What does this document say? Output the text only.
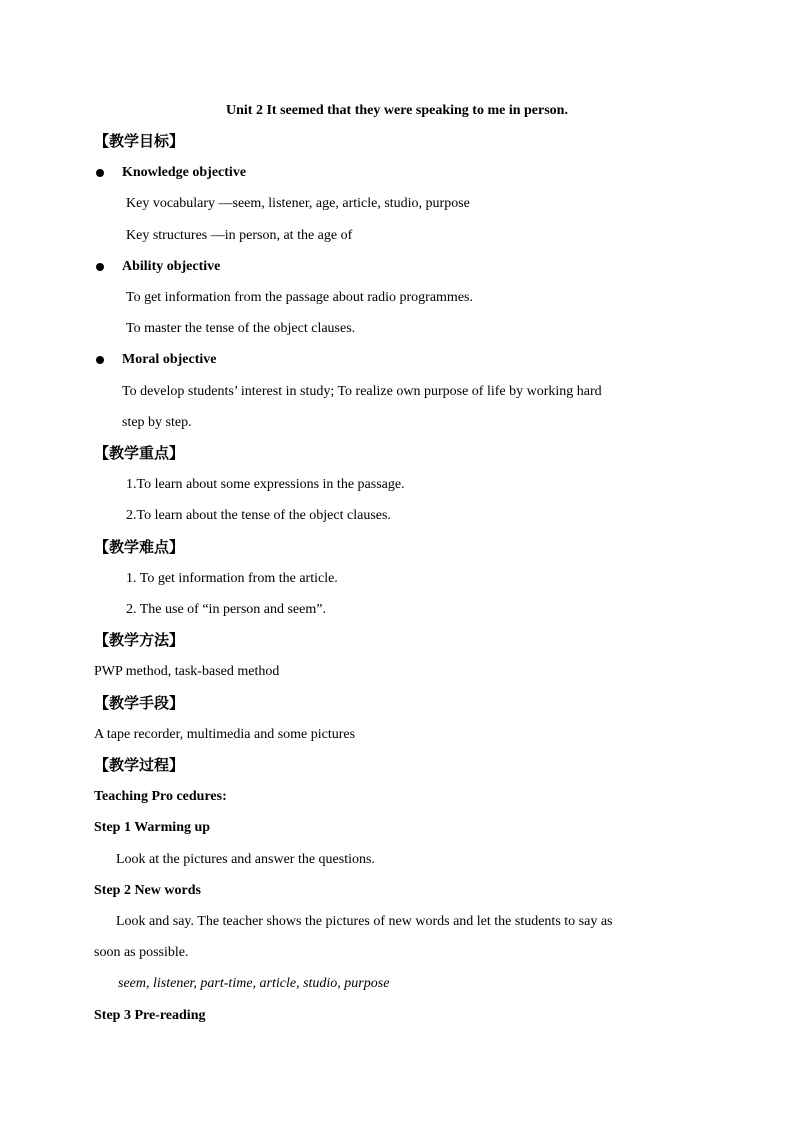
Unit 2 It seemed that they were speaking to me in person.
【教学目标】
Knowledge objective
Key vocabulary —seem, listener, age, article, studio, purpose
Key structures —in person, at the age of
Ability objective
To get information from the passage about radio programmes.
To master the tense of the object clauses.
Moral objective
To develop students’ interest in study; To realize own purpose of life by working hard
step by step.
【教学重点】
1.To learn about some expressions in the passage.
2.To learn about the tense of the object clauses.
【教学难点】
1. To get information from the article.
2. The use of “in person and seem”.
【教学方法】
PWP method, task-based method
【教学手段】
A tape recorder, multimedia and some pictures
【教学过程】
Teaching Pro cedures:
Step 1 Warming up
Look at the pictures and answer the questions.
Step 2 New words
Look and say. The teacher shows the pictures of new words and let the students to say as
soon as possible.
seem, listener, part-time, article, studio, purpose
Step 3 Pre-reading
